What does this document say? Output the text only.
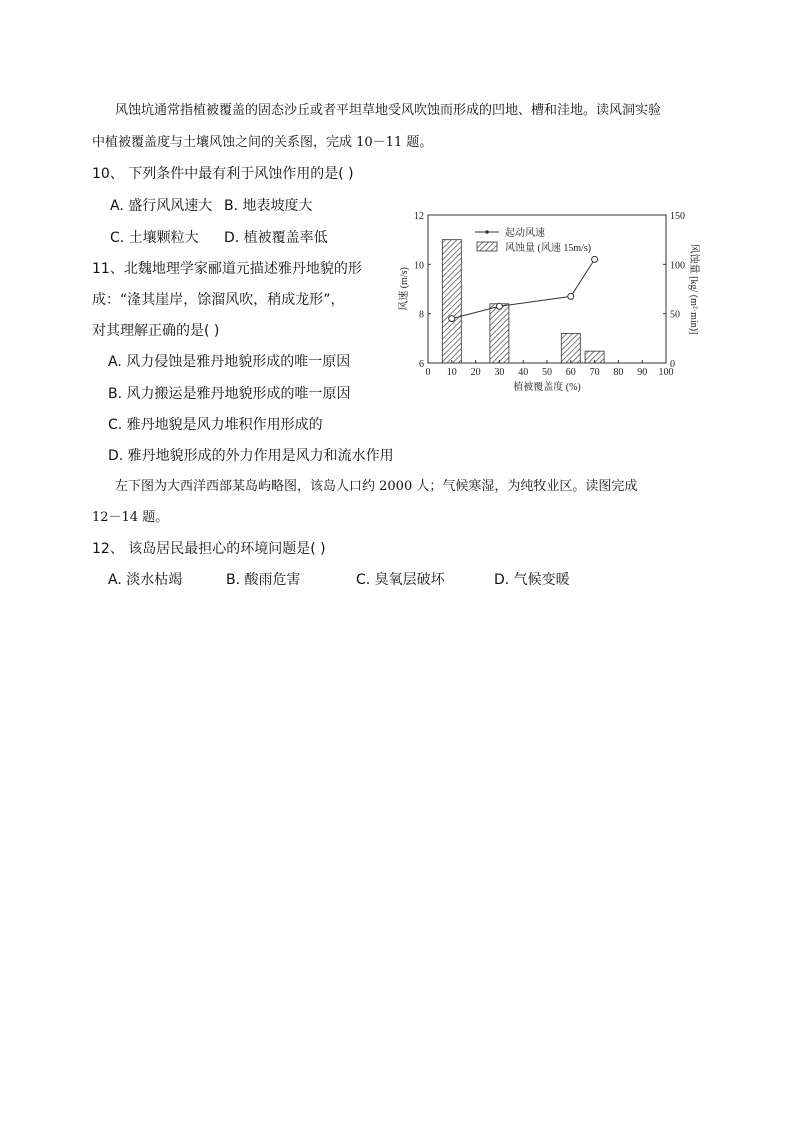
风蚀坑通常指植被覆盖的固态沙丘或者平坦草地受风吹蚀而形成的凹地、槽和洼地。读风洞实验
中植被覆盖度与土壤风蚀之间的关系图，完成 10－11 题。
10、 下列条件中最有利于风蚀作用的是( )
A. 盛行风风速大 B. 地表坡度大
C. 土壤颗粒大 D. 植被覆盖率低
11、北魏地理学家郦道元描述雅丹地貌的形
成：“湰其崖岸，馀溜风吹，稍成龙形”，
对其理解正确的是( )
A. 风力侵蚀是雅丹地貌形成的唯一原因
B. 风力搬运是雅丹地貌形成的唯一原因
C. 雅丹地貌是风力堆积作用形成的
D. 雅丹地貌形成的外力作用是风力和流水作用
左下图为大西洋西部某岛屿略图，该岛人口约 2000 人；气候寒湿，为纯牧业区。读图完成
12－14 题。
12、 该岛居民最担心的环境问题是( )
A. 淡水枯竭	B. 酸雨危害	C. 臭氧层破坏	D. 气候变暖
0 10 20 30 40 50 60 70 80 90 100
6
8
10
12
0
50
100
150
起动风速
风蚀量 (风速 15m/s)
植被覆盖度 (%)
风速 (m/s)	风蚀量 [kg/ (m²·min)]
